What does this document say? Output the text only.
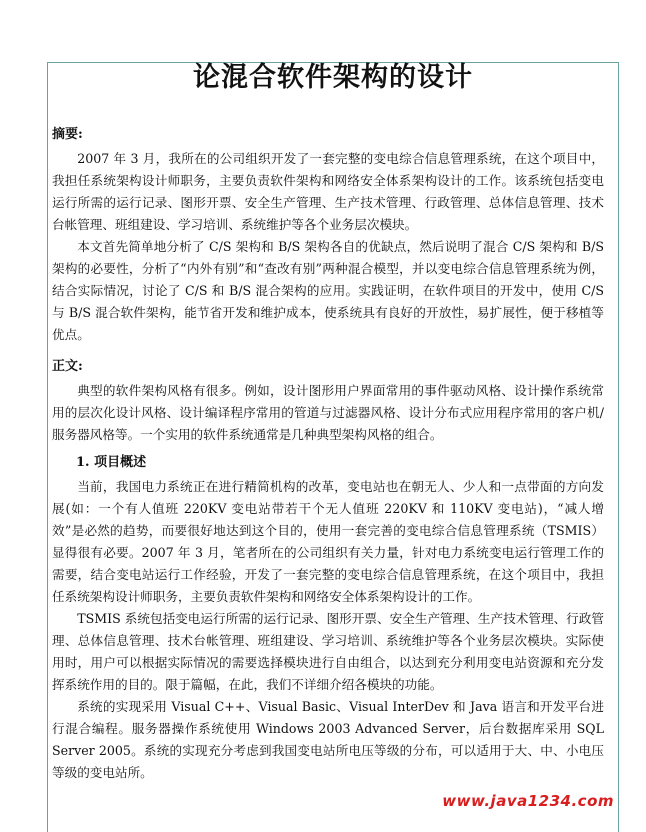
论混合软件架构的设计
摘要:

2007 年 3 月，我所在的公司组织开发了一套完整的变电综合信息管理系统，在这个项目中，我担任系统架构设计师职务，主要负责软件架构和网络安全体系架构设计的工作。该系统包括变电运行所需的运行记录、图形开票、安全生产管理、生产技术管理、行政管理、总体信息管理、技术台帐管理、班组建设、学习培训、系统维护等各个业务层次模块。

本文首先简单地分析了 C/S 架构和 B/S 架构各自的优缺点，然后说明了混合 C/S 架构和 B/S 架构的必要性，分析了“内外有别”和“查改有别”两种混合模型，并以变电综合信息管理系统为例，结合实际情况，讨论了 C/S 和 B/S 混合架构的应用。实践证明，在软件项目的开发中，使用 C/S 与 B/S 混合软件架构，能节省开发和维护成本，使系统具有良好的开放性，易扩展性，便于移植等优点。

正文:

典型的软件架构风格有很多。例如，设计图形用户界面常用的事件驱动风格、设计操作系统常用的层次化设计风格、设计编译程序常用的管道与过滤器风格、设计分布式应用程序常用的客户机/服务器风格等。一个实用的软件系统通常是几种典型架构风格的组合。

1. 项目概述

当前，我国电力系统正在进行精简机构的改革，变电站也在朝无人、少人和一点带面的方向发展(如：一个有人值班 220KV 变电站带若干个无人值班 220KV 和 110KV 变电站)，“减人增效”是必然的趋势，而要很好地达到这个目的，使用一套完善的变电综合信息管理系统（TSMIS）显得很有必要。2007 年 3 月，笔者所在的公司组织有关力量，针对电力系统变电运行管理工作的需要，结合变电站运行工作经验，开发了一套完整的变电综合信息管理系统，在这个项目中，我担任系统架构设计师职务，主要负责软件架构和网络安全体系架构设计的工作。

TSMIS 系统包括变电运行所需的运行记录、图形开票、安全生产管理、生产技术管理、行政管理、总体信息管理、技术台帐管理、班组建设、学习培训、系统维护等各个业务层次模块。实际使用时，用户可以根据实际情况的需要选择模块进行自由组合，以达到充分利用变电站资源和充分发挥系统作用的目的。限于篇幅，在此，我们不详细介绍各模块的功能。

系统的实现采用 Visual C++、Visual Basic、Visual InterDev 和 Java 语言和开发平台进行混合编程。服务器操作系统使用 Windows 2003 Advanced Server，后台数据库采用 SQL Server 2005。系统的实现充分考虑到我国变电站所电压等级的分布，可以适用于大、中、小电压等级的变电站所。

www.java1234.com
